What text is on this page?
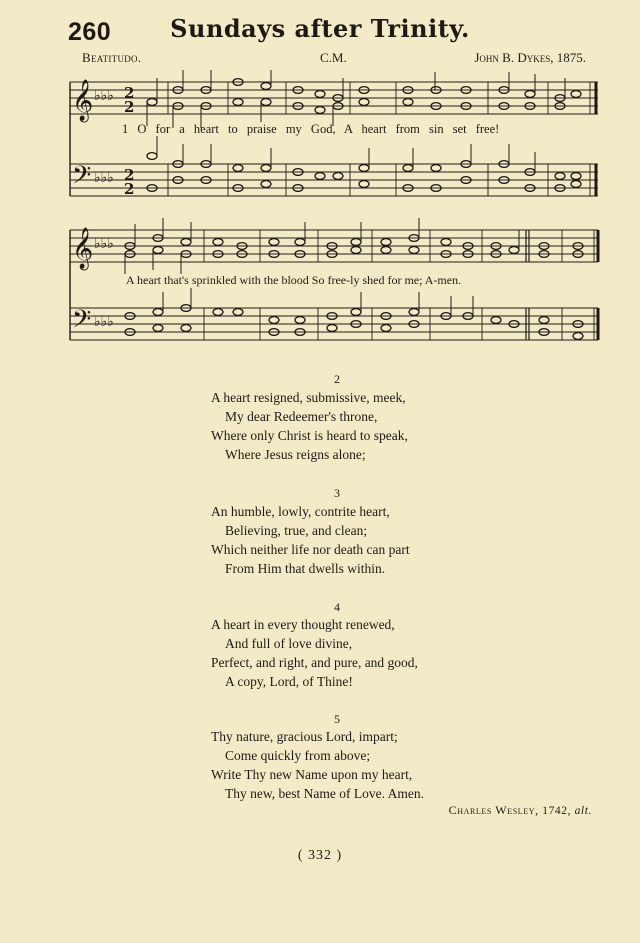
260	Sundays after Trinity.
Beatitudo.	C.M.	John B. Dykes, 1875.
𝄞
𝄢
♭♭♭
♭♭♭
2
2
2
2
1 O for a heart to praise my God, A heart from sin set free!
𝄞
𝄢
♭♭♭
♭♭♭
A heart that's sprinkled with the blood So free-ly shed for me; A-men.
2
A heart resigned, submissive, meek,
My dear Redeemer's throne,
Where only Christ is heard to speak,
Where Jesus reigns alone;
3
An humble, lowly, contrite heart,
Believing, true, and clean;
Which neither life nor death can part
From Him that dwells within.
4
A heart in every thought renewed,
And full of love divine,
Perfect, and right, and pure, and good,
A copy, Lord, of Thine!
5
Thy nature, gracious Lord, impart;
Come quickly from above;
Write Thy new Name upon my heart,
Thy new, best Name of Love. Amen.
Charles Wesley, 1742, alt.
( 332 )
